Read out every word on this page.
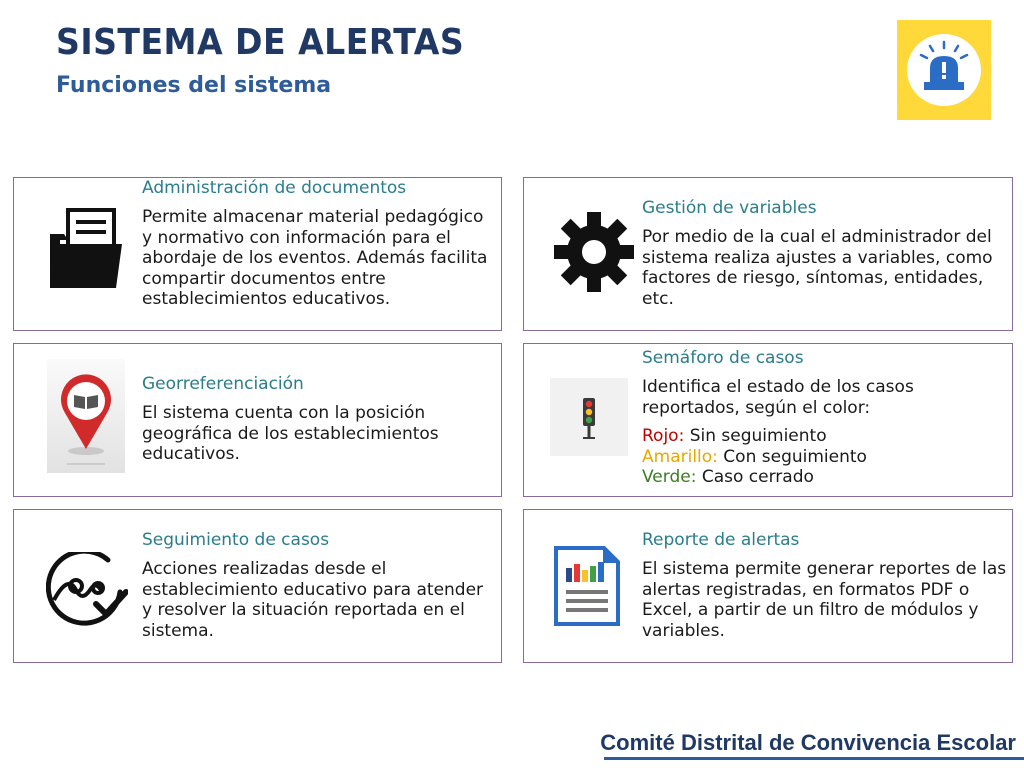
SISTEMA DE ALERTAS
Funciones del sistema
Administración de documentos
Permite almacenar material pedagógico y normativo con información para el abordaje de los eventos. Además facilita compartir documentos entre establecimientos educativos.
Gestión de variables
Por medio de la cual el administrador del sistema realiza ajustes a variables, como factores de riesgo, síntomas, entidades, etc.
Georreferenciación
El sistema cuenta con la posición geográfica de los establecimientos educativos.
Semáforo de casos
Identifica el estado de los casos reportados, según el color:
Rojo: Sin seguimiento
Amarillo: Con seguimiento
Verde: Caso cerrado
Seguimiento de casos
Acciones realizadas desde el establecimiento educativo para atender y resolver la situación reportada en el sistema.
Reporte de alertas
El sistema permite generar reportes de las alertas registradas, en formatos PDF o Excel, a partir de un filtro de módulos y variables.
Comité Distrital de Convivencia Escolar
